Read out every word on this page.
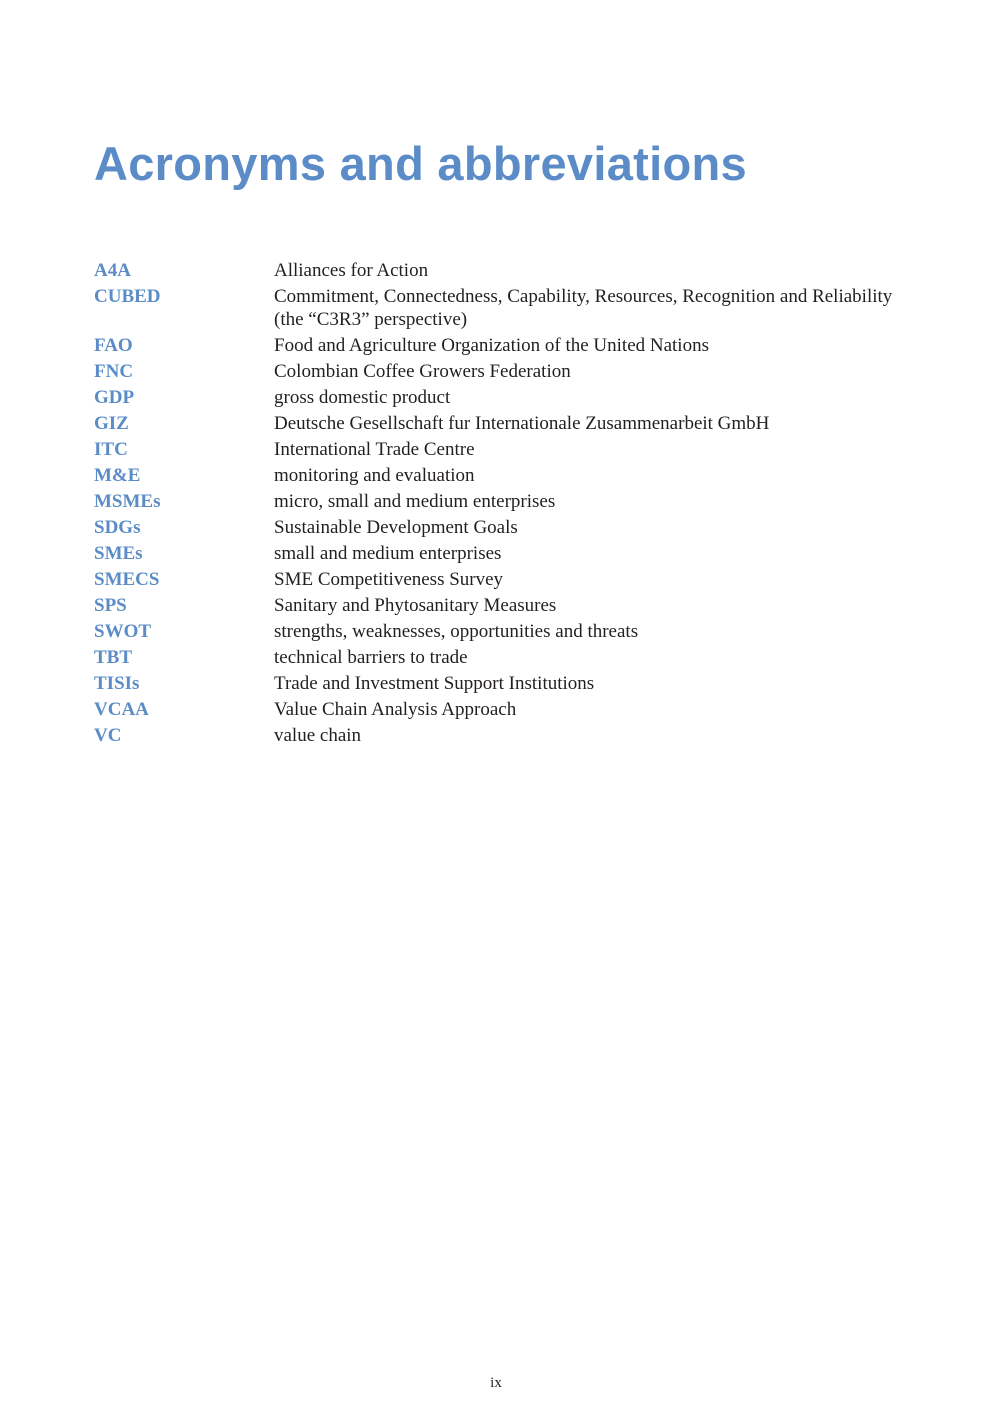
Acronyms and abbreviations
A4A	Alliances for Action
CUBED	Commitment, Connectedness, Capability, Resources, Recognition and Reliability (the “C3R3” perspective)
FAO	Food and Agriculture Organization of the United Nations
FNC	Colombian Coffee Growers Federation
GDP	gross domestic product
GIZ	Deutsche Gesellschaft fur Internationale Zusammenarbeit GmbH
ITC	International Trade Centre
M&E	monitoring and evaluation
MSMEs	micro, small and medium enterprises
SDGs	Sustainable Development Goals
SMEs	small and medium enterprises
SMECS	SME Competitiveness Survey
SPS	Sanitary and Phytosanitary Measures
SWOT	strengths, weaknesses, opportunities and threats
TBT	technical barriers to trade
TISIs	Trade and Investment Support Institutions
VCAA	Value Chain Analysis Approach
VC	value chain
ix
